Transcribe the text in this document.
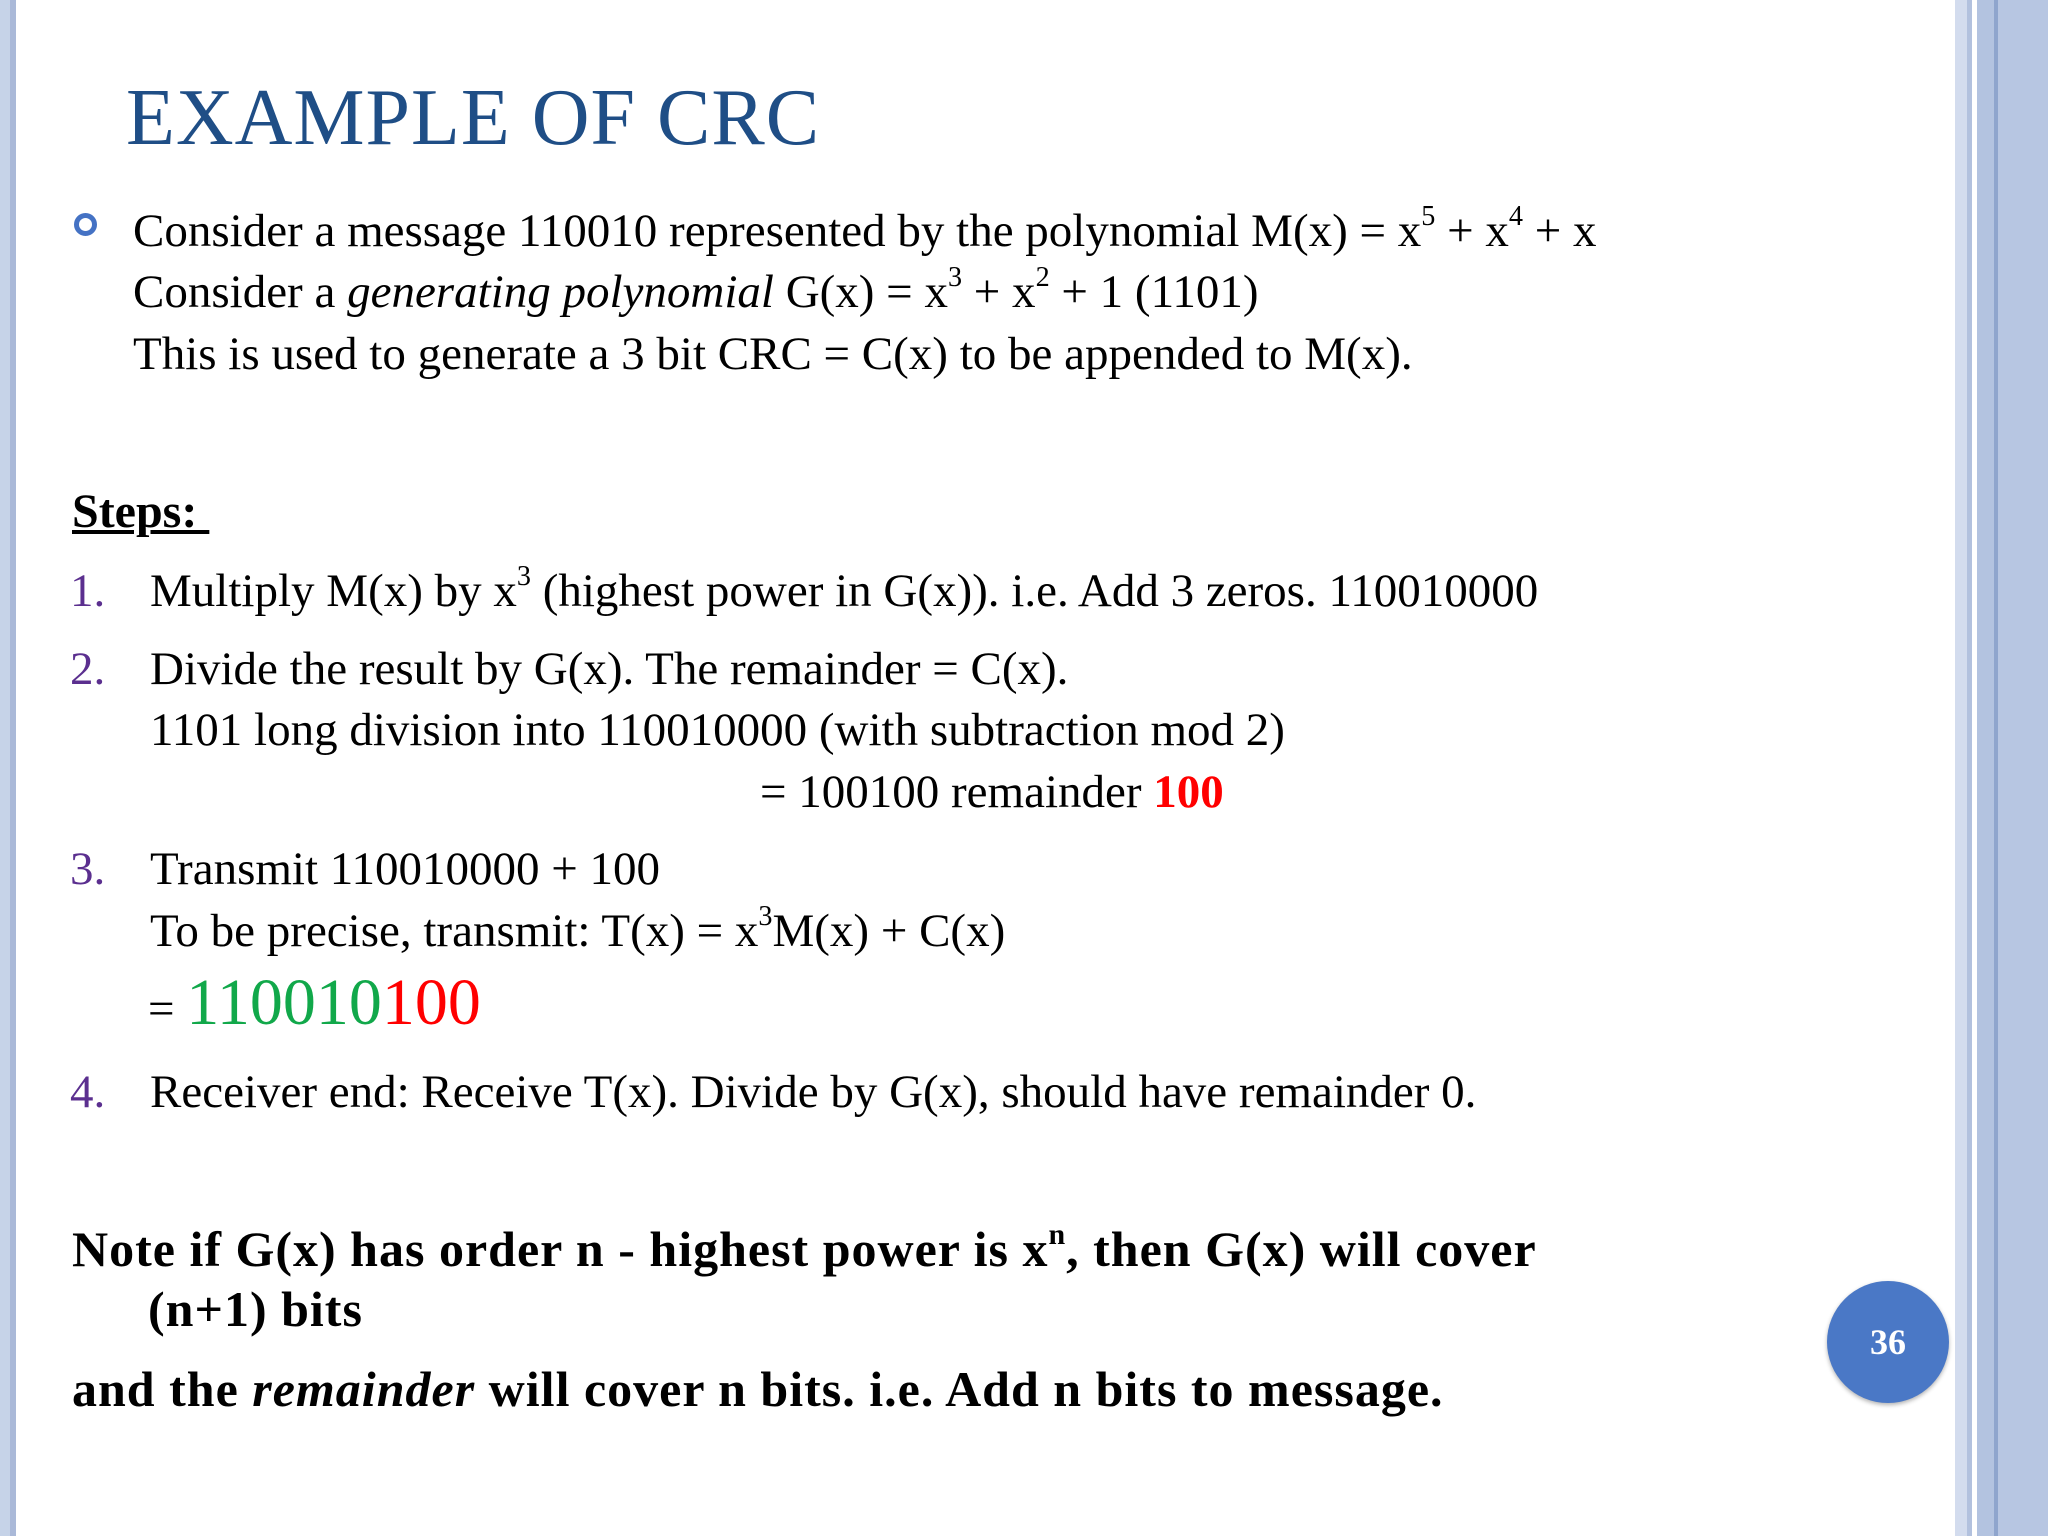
EXAMPLE OF CRC
Consider a message 110010 represented by the polynomial $M(x) = x^5 + x^4 + x$
Consider a generating polynomial $G(x) = x^3 + x^2 + 1$ (1101)
This is used to generate a 3 bit CRC = C(x) to be appended to M(x).
Steps:
1. Multiply M(x) by $x^3$ (highest power in G(x)). i.e. Add 3 zeros. 110010000
2. Divide the result by G(x). The remainder = C(x).
1101 long division into 110010000 (with subtraction mod 2)
= 100100 remainder 100
3. Transmit 110010000 + 100
To be precise, transmit: $T(x) = x^3M(x) + C(x)$
= 110010100
4. Receiver end: Receive T(x). Divide by G(x), should have remainder 0.
Note if G(x) has order n - highest power is $x^n$, then G(x) will cover
(n+1) bits
and the remainder will cover n bits. i.e. Add n bits to message.
36
